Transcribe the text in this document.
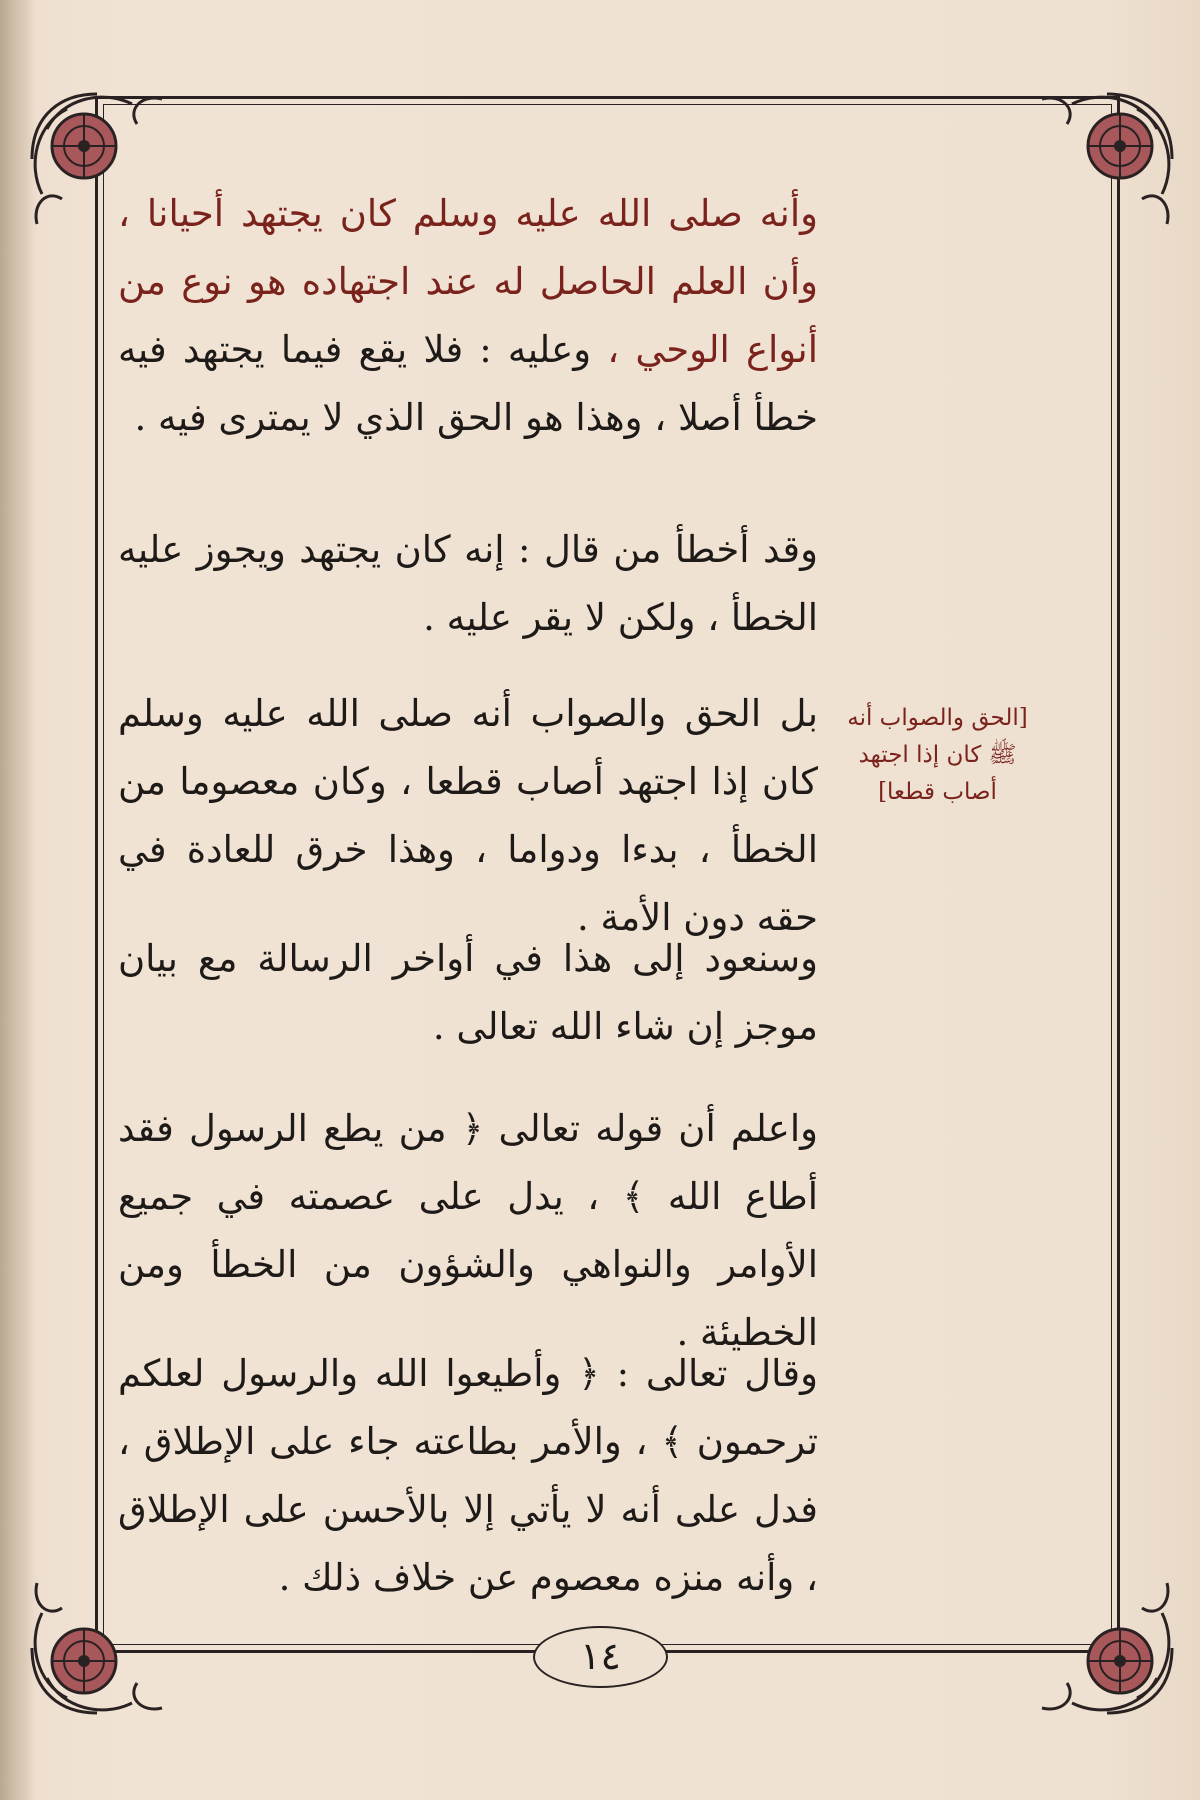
وأنه صلى الله عليه وسلم كان يجتهد أحيانا ، وأن العلم الحاصل له عند اجتهاده هو نوع من أنواع الوحي ، وعليه : فلا يقع فيما يجتهد فيه خطأ أصلا ، وهذا هو الحق الذي لا يمترى فيه .
وقد أخطأ من قال : إنه كان يجتهد ويجوز عليه الخطأ ، ولكن لا يقر عليه .
بل الحق والصواب أنه صلى الله عليه وسلم كان إذا اجتهد أصاب قطعا ، وكان معصوما من الخطأ ، بدءا ودواما ، وهذا خرق للعادة في حقه دون الأمة .
[الحق والصواب أنه ﷺ كان إذا اجتهد أصاب قطعا]
وسنعود إلى هذا في أواخر الرسالة مع بيان موجز إن شاء الله تعالى .
واعلم أن قوله تعالى ﴿ من يطع الرسول فقد أطاع الله ﴾ ، يدل على عصمته في جميع الأوامر والنواهي والشؤون من الخطأ ومن الخطيئة .
وقال تعالى : ﴿ وأطيعوا الله والرسول لعلكم ترحمون ﴾ ، والأمر بطاعته جاء على الإطلاق ، فدل على أنه لا يأتي إلا بالأحسن على الإطلاق ، وأنه منزه معصوم عن خلاف ذلك .
١٤
